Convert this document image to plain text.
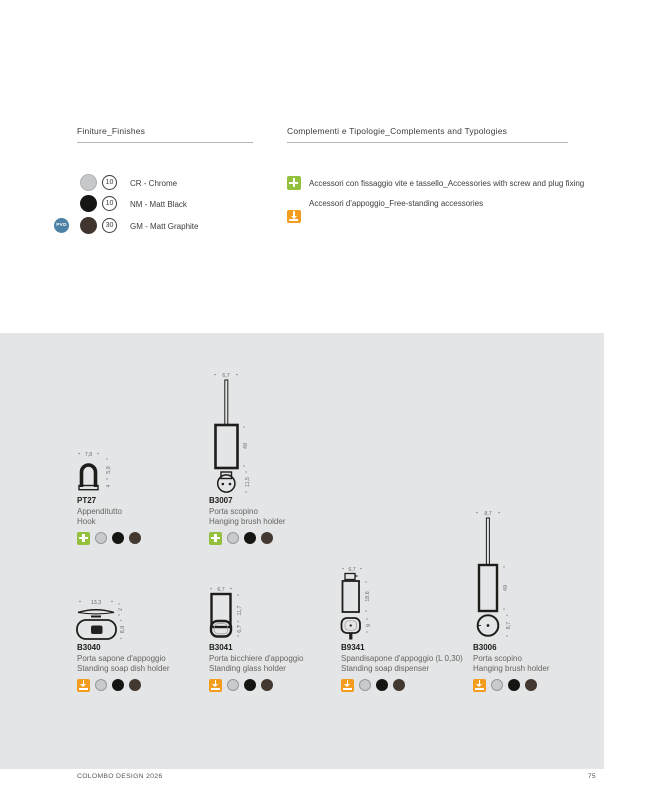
Finiture_Finishes	Complementi e Tipologie_Complements and Typologies
10 CR - Chrome
10 NM - Matt Black
PVD	30 GM - Matt Graphite
Accessori con fissaggio vite e tassello_Accessories with screw and plug fixing
Accessori d'appoggio_Free-standing accessories
7,8
5,9
4
6,7
49
11,5
13,3
2
8,9
6,7
11,7
6,7
6,7
18,6
9
8,7
49
8,7
PT27
Appenditutto
Hook
B3007
Porta scopino
Hanging brush holder
B3040
Porta sapone d'appoggio
Standing soap dish holder
B3041
Porta bicchiere d'appoggio
Standing glass holder
B9341
Spandisapone d'appoggio (L 0,30)
Standing soap dispenser
B3006
Porta scopino
Hanging brush holder
COLOMBO DESIGN 2026	75
